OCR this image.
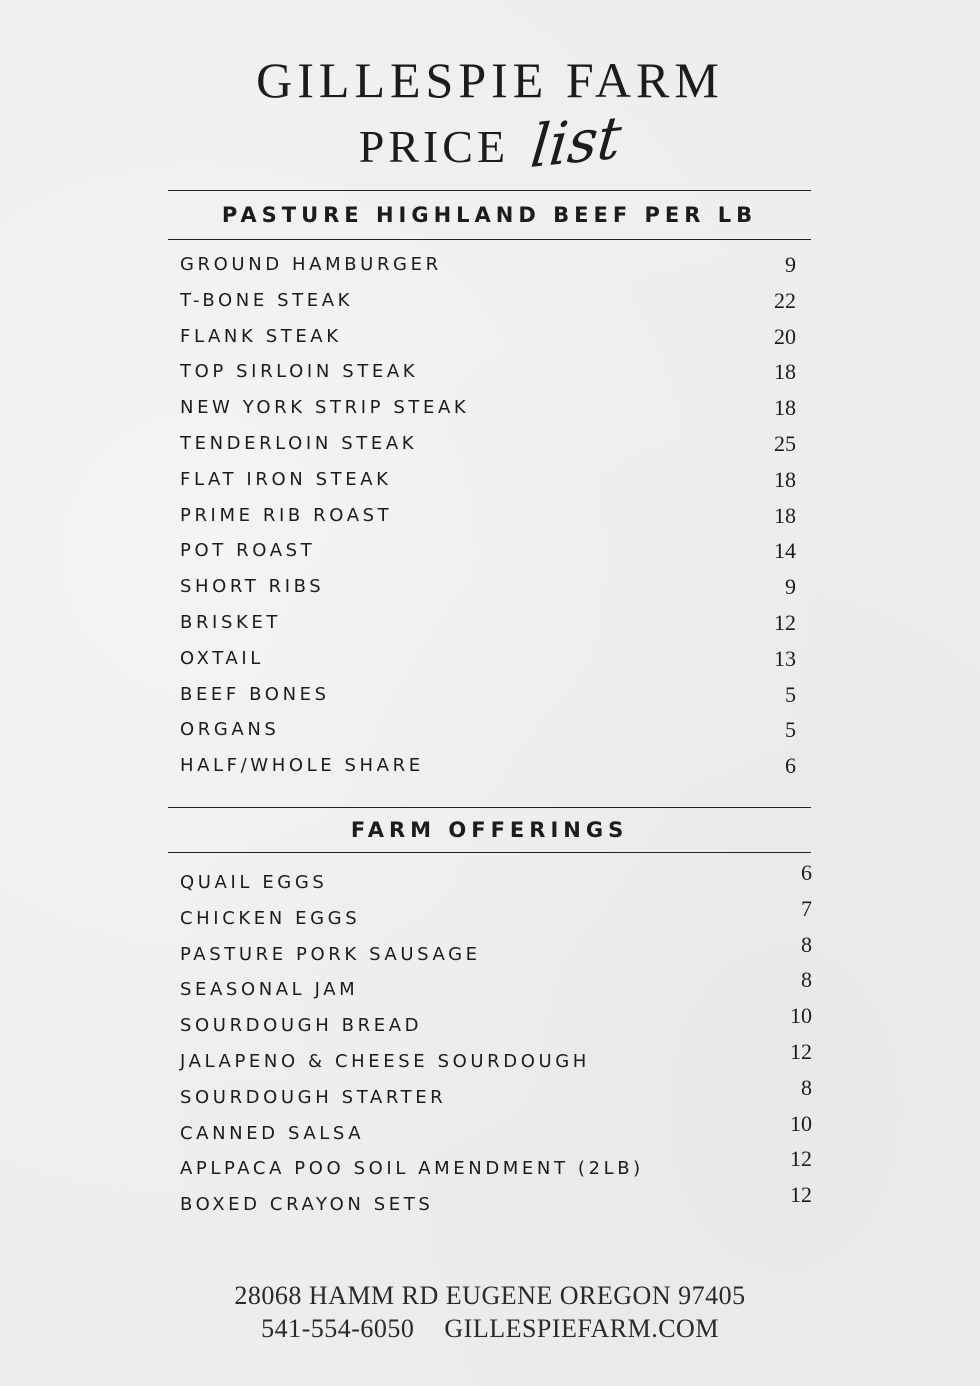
GILLESPIE FARM
PRICE list
PASTURE HIGHLAND BEEF PER LB
GROUND HAMBURGER	9
T-BONE STEAK	22
FLANK STEAK	20
TOP SIRLOIN STEAK	18
NEW YORK STRIP STEAK	18
TENDERLOIN STEAK	25
FLAT IRON STEAK	18
PRIME RIB ROAST	18
POT ROAST	14
SHORT RIBS	9
BRISKET	12
OXTAIL	13
BEEF BONES	5
ORGANS	5
HALF/WHOLE SHARE	6
FARM OFFERINGS
QUAIL EGGS	6
CHICKEN EGGS	7
PASTURE PORK SAUSAGE	8
SEASONAL JAM	8
SOURDOUGH BREAD	10
JALAPENO & CHEESE SOURDOUGH	12
SOURDOUGH STARTER	8
CANNED SALSA	10
APLPACA POO SOIL AMENDMENT (2LB)	12
BOXED CRAYON SETS	12
28068 HAMM RD EUGENE OREGON 97405
541-554-6050 GILLESPIEFARM.COM
